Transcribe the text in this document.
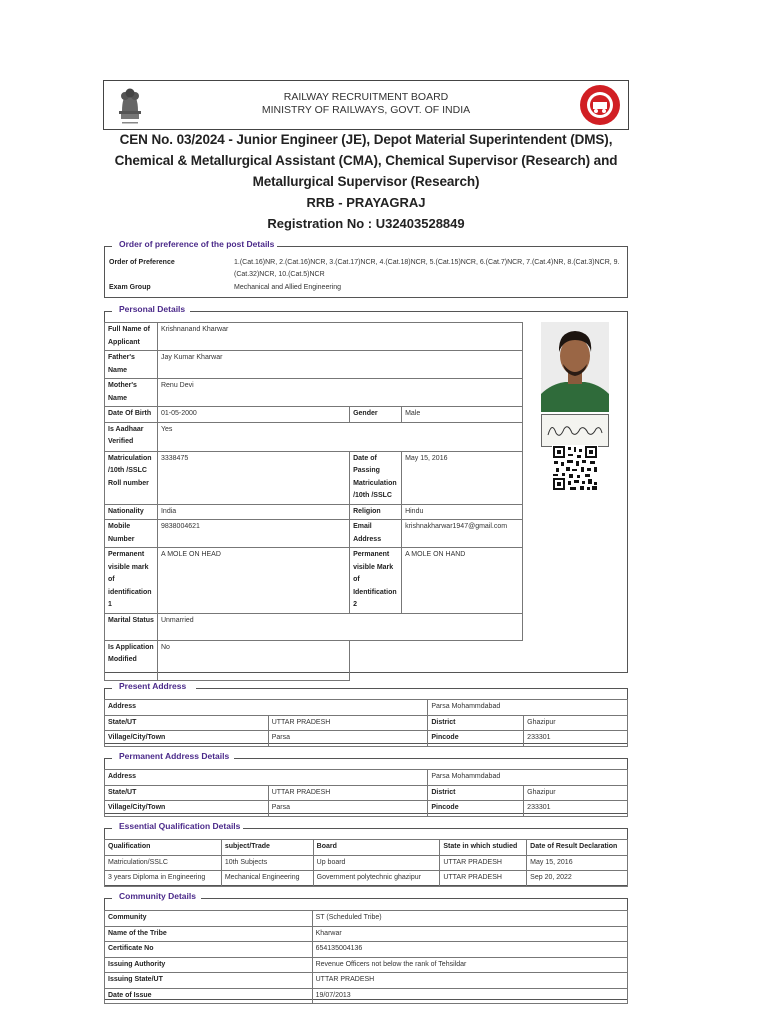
RAILWAY RECRUITMENT BOARD
MINISTRY OF RAILWAYS, GOVT. OF INDIA
CEN No. 03/2024 - Junior Engineer (JE), Depot Material Superintendent (DMS), Chemical & Metallurgical Assistant (CMA), Chemical Supervisor (Research) and Metallurgical Supervisor (Research)
RRB - PRAYAGRAJ
Registration No : U32403528849
Order of preference of the post Details
Order of Preference	1.(Cat.16)NR, 2.(Cat.16)NCR, 3.(Cat.17)NCR, 4.(Cat.18)NCR, 5.(Cat.15)NCR, 6.(Cat.7)NCR, 7.(Cat.4)NR, 8.(Cat.3)NCR, 9.(Cat.32)NCR, 10.(Cat.5)NCR
Exam Group	Mechanical and Allied Engineering
Personal Details
Full Name of Applicant	Krishnanand Kharwar		
Father's Name	Jay Kumar Kharwar		
Mother's Name	Renu Devi		
Date Of Birth	01-05-2000	Gender	Male
Is Aadhaar Verified	Yes		
Matriculation /10th /SSLC Roll number	3338475	Date of Passing Matriculation /10th /SSLC	May 15, 2016
Nationality	India	Religion	Hindu
Mobile Number	9838004621	Email Address	krishnakharwar1947@gmail.com
Permanent visible mark of identification 1	A MOLE ON HEAD	Permanent visible Mark of Identification 2	A MOLE ON HAND
Marital Status	Unmarried		
Is Application Modified	No		
Present Address
Address		Parsa Mohammdabad	
State/UT	UTTAR PRADESH	District	Ghazipur
Village/City/Town	Parsa	Pincode	233301
Permanent Address Details
Address		Parsa Mohammdabad	
State/UT	UTTAR PRADESH	District	Ghazipur
Village/City/Town	Parsa	Pincode	233301
Essential Qualification Details
Qualification	subject/Trade	Board	State in which studied	Date of Result Declaration
Matriculation/SSLC	10th Subjects	Up board	UTTAR PRADESH	May 15, 2016
3 years Diploma in Engineering	Mechanical Engineering	Government polytechnic ghazipur	UTTAR PRADESH	Sep 20, 2022
Community Details
Community	ST (Scheduled Tribe)
Name of the Tribe	Kharwar
Certificate No	654135004136
Issuing Authority	Revenue Officers not below the rank of Tehsildar
Issuing State/UT	UTTAR PRADESH
Date of Issue	19/07/2013
